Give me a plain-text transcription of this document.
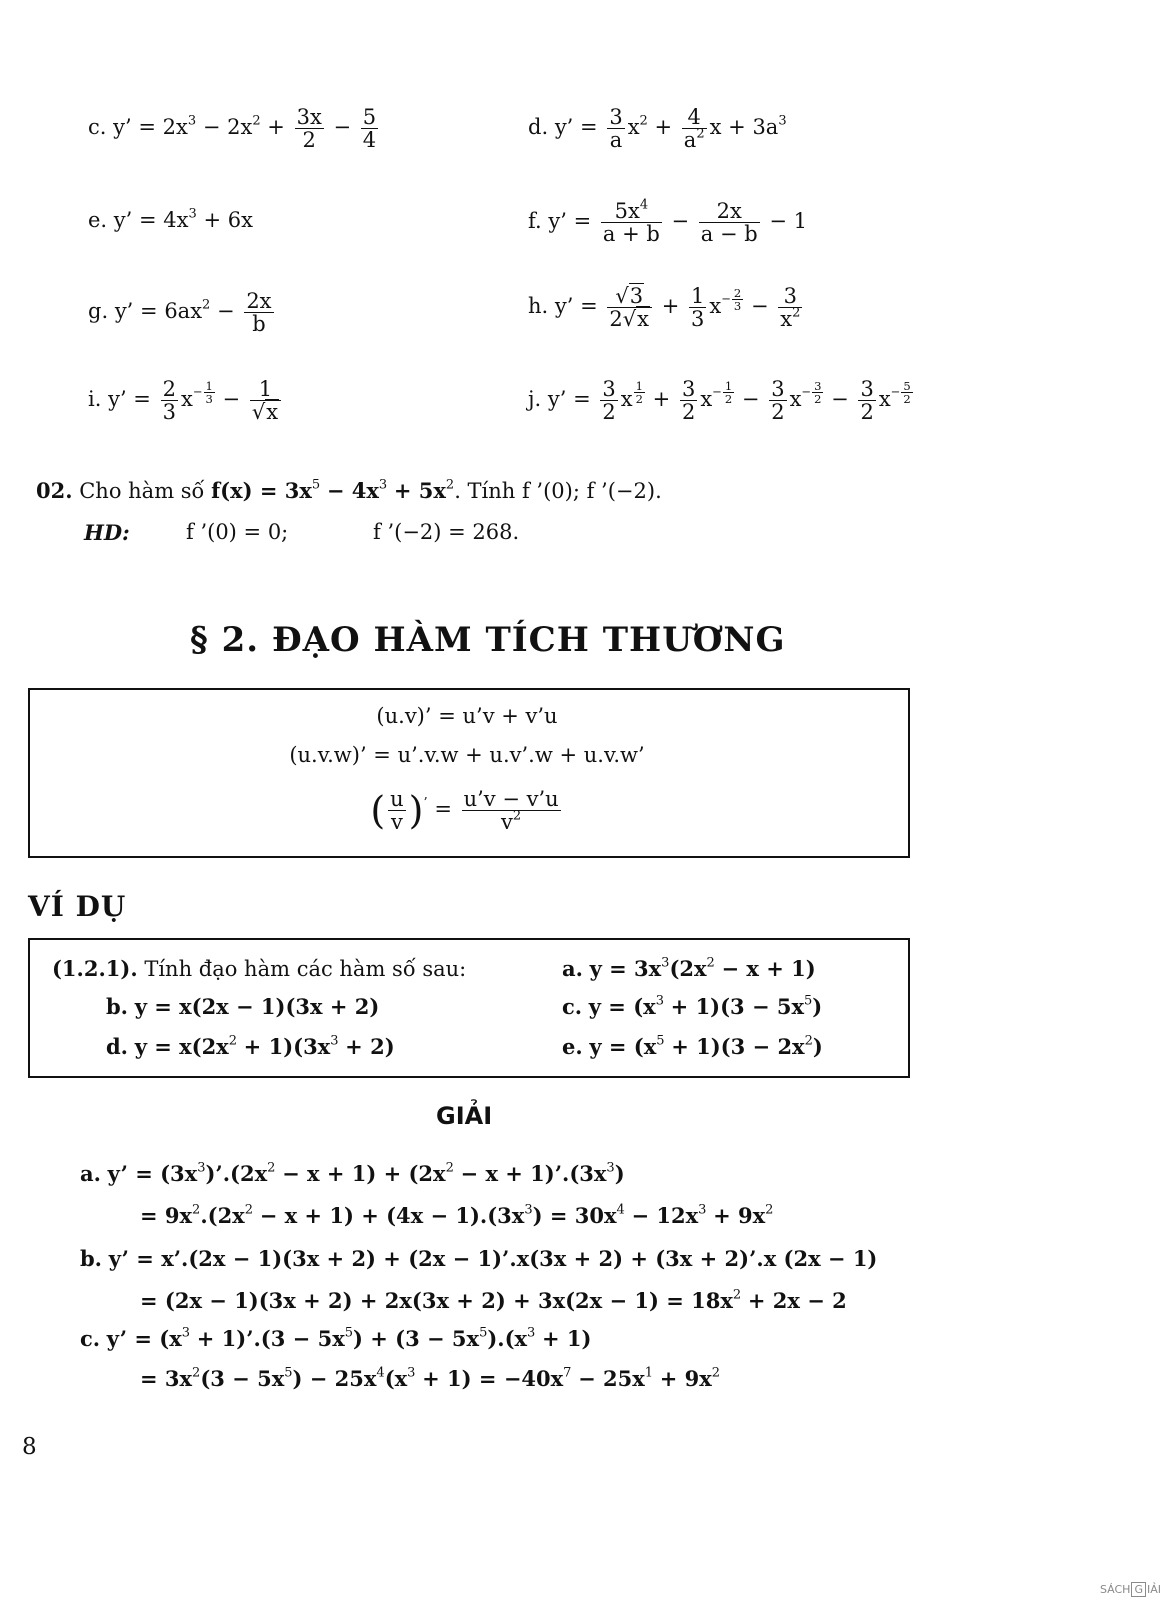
c. y’ = $2x^3 - 2x^2 + \frac{3x}{2} - \frac{5}{4}$	d. y’ = $\frac{3}{a} x^2 + \frac{4}{a^2}$ $x + 3a^3$
e. y’ = $4x^3 + 6x$	f. y’ = $\frac{5x^4}{a + b} - \frac{2x}{a - b} - 1$
g. y’ = $6ax^2 - \frac{2x}{b}$	h. y’ = $\frac{√3}{2√x} + \frac{1}{3} x^{- \frac{2}{3}} - \frac{3}{x^2}$
i. y’ = $\frac{2}{3} x^{- \frac{1}{3}} - \frac{1}{√x}$	j. y’ = $\frac{3}{2}$ x $^{\frac{1}{2}} + \frac{3}{2} x^{- \frac{1}{2}} - \frac{3}{2} x^{- \frac{3}{2}} - \frac{3}{2} x^{- \frac{5}{2}}$
02. Cho hàm số $f(x) = 3x^5 - 4x^3 + 5x^2$. Tính f ’(0); f ’(−2).
HD:	f ’(0) = 0;	f ’(−2) = 268.
§ 2. ĐẠO HÀM TÍCH THƯƠNG
(u.v)’ = u’v + v’u
(u.v.w)’ = u’.v.w + u.v’.w + u.v.w’
( $\frac{u}{v} )^’ = \frac{u’v - v’u}{v^2}$
VÍ DỤ
(1.2.1). Tính đạo hàm các hàm số sau:	a. $y = 3x^3(2x^2 - x + 1)$
b. y = x(2x − 1)(3x + 2)	c. $y = (x^3 + 1)(3 - 5x^5)$
d. $y = x(2x^2 + 1)(3x^3 + 2)$	e. $y = (x^5 + 1)(3 - 2x^2)$
GIẢI
a. y’ = $(3x^3)’.(2x^2 - x + 1) + (2x^2 - x$ + $1)’.(3x^3)$
= $9x^2.(2x^2 - x + 1) + (4x - 1).(3x^3) = 30x^4 - 12x^3 + 9x^2$
b. y’ = x’.(2x − 1)(3x + 2) + (2x − 1)’.x(3x + 2) + (3x + 2)’.x (2x − 1)
= $(2x - 1)(3x + 2) + 2x(3x + 2) + 3x(2x - 1) = 18x^2 + 2x - 2$
c. y’ = ($x^3$ + 1)’.(3 − $5x^5) + (3 - 5x^5).(x^3 + 1)$
= $3x^2(3 - 5x^5) - 25x^4(x^3 + 1) = -40x^7 - 25x^1 + 9x^2$
8
SÁCH G IẢI
